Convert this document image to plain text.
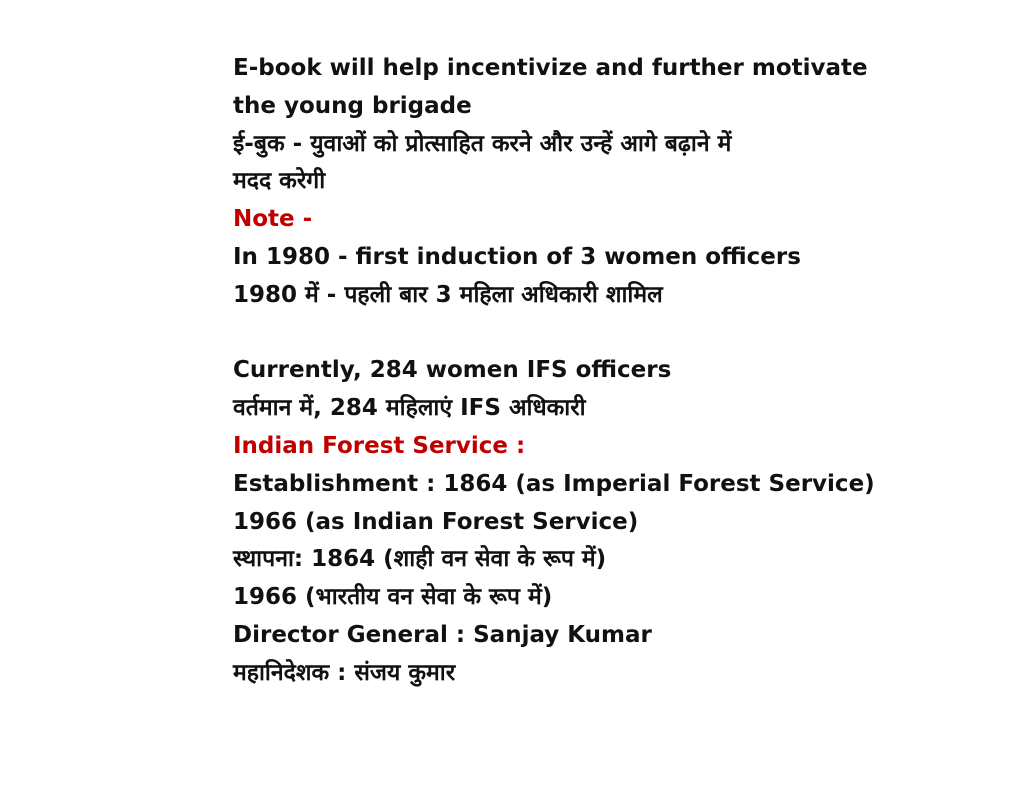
E-book will help incentivize and further motivate
the young brigade
ई-बुक - युवाओं को प्रोत्साहित करने और उन्हें आगे बढ़ाने में
मदद करेगी
Note -
In 1980 - first induction of 3 women officers
1980 में - पहली बार 3 महिला अधिकारी शामिल
Currently, 284 women IFS officers
वर्तमान में, 284 महिलाएं IFS अधिकारी
Indian Forest Service :
Establishment : 1864 (as Imperial Forest Service)
1966 (as Indian Forest Service)
स्थापना: 1864 (शाही वन सेवा के रूप में)
1966 (भारतीय वन सेवा के रूप में)
Director General : Sanjay Kumar
महानिदेशक : संजय कुमार
